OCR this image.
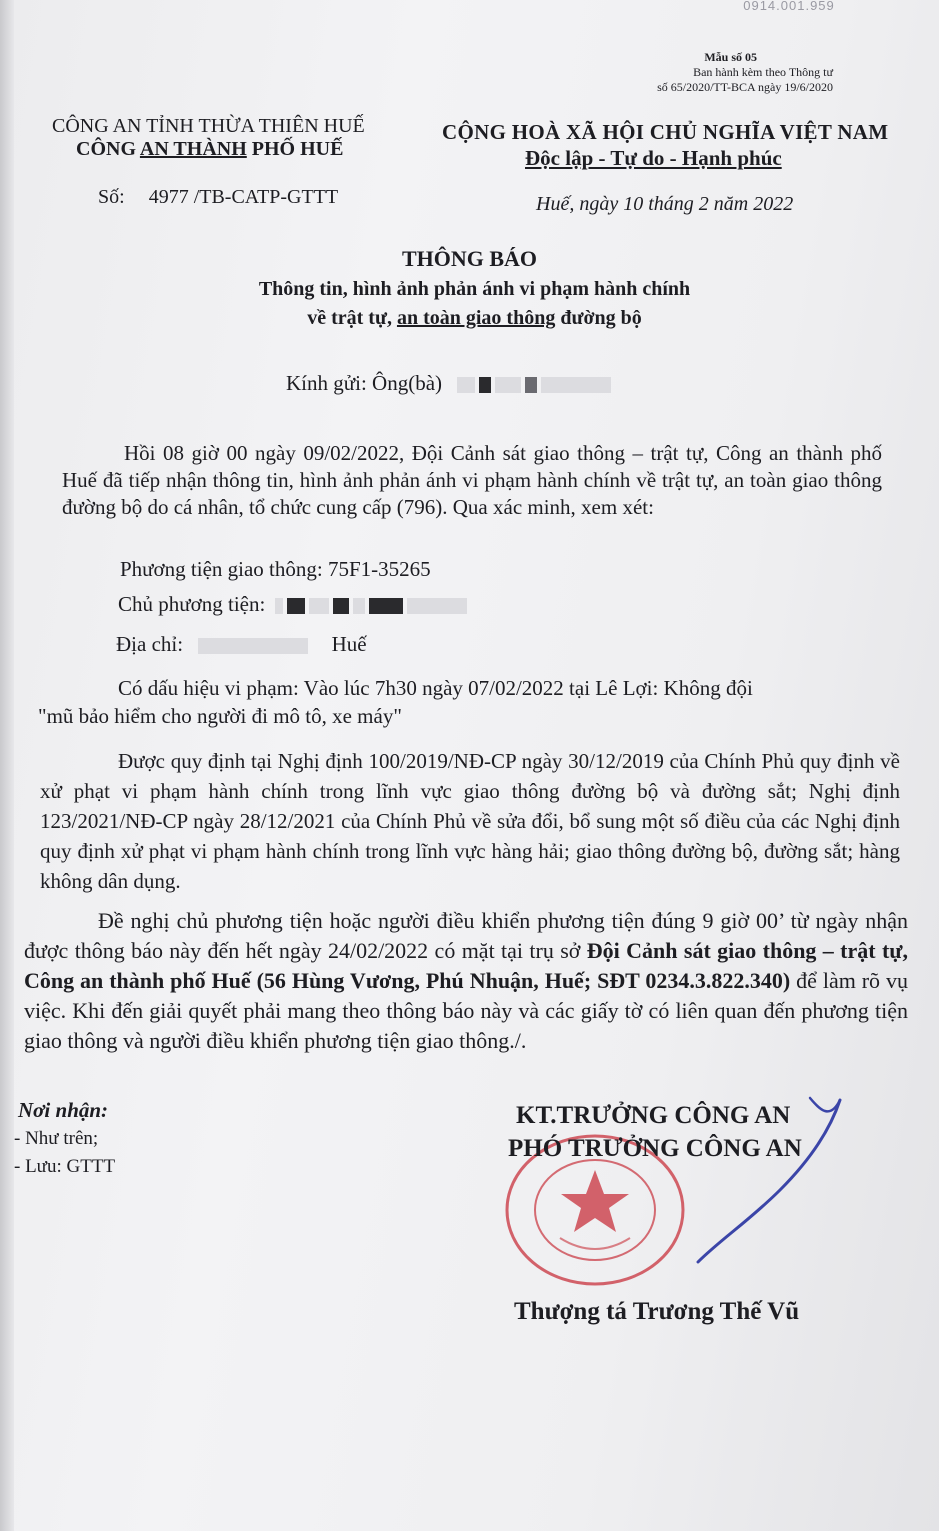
0914.001.959
Mẫu số 05
Ban hành kèm theo Thông tư
số 65/2020/TT-BCA ngày 19/6/2020
CÔNG AN TỈNH THỪA THIÊN HUẾ
CÔNG AN THÀNH PHỐ HUẾ
CỘNG HOÀ XÃ HỘI CHỦ NGHĨA VIỆT NAM
Độc lập - Tự do - Hạnh phúc
Số: 4977 /TB-CATP-GTTT	Huế, ngày 10 tháng 2 năm 2022
THÔNG BÁO
Thông tin, hình ảnh phản ánh vi phạm hành chính
về trật tự, an toàn giao thông đường bộ
Kính gửi: Ông(bà)
Hồi 08 giờ 00 ngày 09/02/2022, Đội Cảnh sát giao thông – trật tự, Công an thành phố Huế đã tiếp nhận thông tin, hình ảnh phản ánh vi phạm hành chính về trật tự, an toàn giao thông đường bộ do cá nhân, tổ chức cung cấp (796). Qua xác minh, xem xét:
Phương tiện giao thông: 75F1-35265
Chủ phương tiện:
Địa chỉ:	Huế
Có dấu hiệu vi phạm: Vào lúc 7h30 ngày 07/02/2022 tại Lê Lợi: Không đội
"mũ bảo hiểm cho người đi mô tô, xe máy"
Được quy định tại Nghị định 100/2019/NĐ-CP ngày 30/12/2019 của Chính Phủ quy định về xử phạt vi phạm hành chính trong lĩnh vực giao thông đường bộ và đường sắt; Nghị định 123/2021/NĐ-CP ngày 28/12/2021 của Chính Phủ về sửa đổi, bổ sung một số điều của các Nghị định quy định xử phạt vi phạm hành chính trong lĩnh vực hàng hải; giao thông đường bộ, đường sắt; hàng không dân dụng.
Đề nghị chủ phương tiện hoặc người điều khiển phương tiện đúng 9 giờ 00’ từ ngày nhận được thông báo này đến hết ngày 24/02/2022 có mặt tại trụ sở Đội Cảnh sát giao thông – trật tự, Công an thành phố Huế (56 Hùng Vương, Phú Nhuận, Huế; SĐT 0234.3.822.340) để làm rõ vụ việc. Khi đến giải quyết phải mang theo thông báo này và các giấy tờ có liên quan đến phương tiện giao thông và người điều khiển phương tiện giao thông./.
Nơi nhận:
- Như trên;
- Lưu: GTTT
KT.TRƯỞNG CÔNG AN
PHÓ TRƯỞNG CÔNG AN
Thượng tá Trương Thế Vũ
